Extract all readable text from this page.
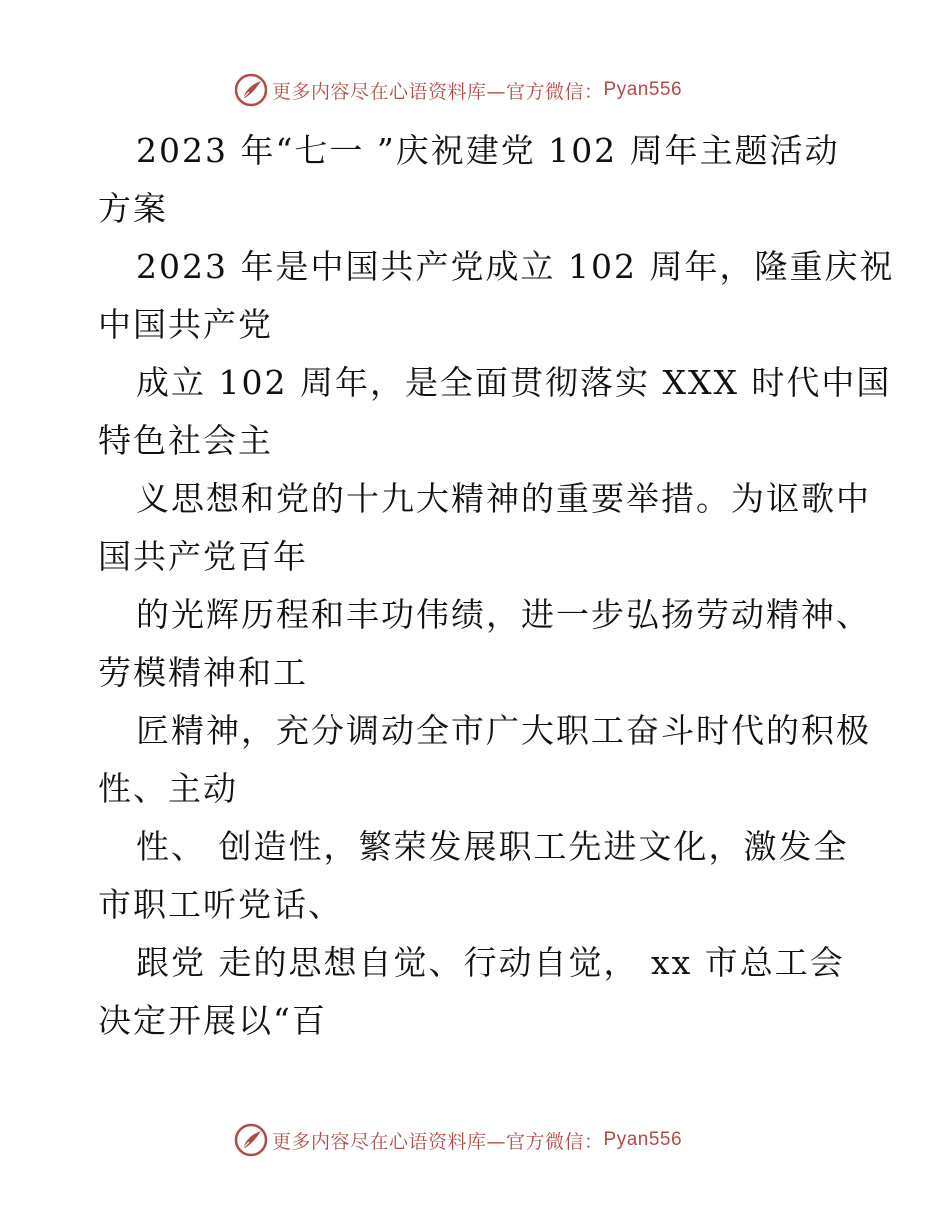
更多内容尽在心语资料库—官方微信： Pyan556
2023 年“七一 ”庆祝建党 102 周年主题活动
方案
2023 年是中国共产党成立 102 周年，隆重庆祝
中国共产党
成立 102 周年，是全面贯彻落实 XXX 时代中国
特色社会主
义思想和党的十九大精神的重要举措。为讴歌中
国共产党百年
的光辉历程和丰功伟绩，进一步弘扬劳动精神、
劳模精神和工
匠精神，充分调动全市广大职工奋斗时代的积极
性、主动
性、 创造性，繁荣发展职工先进文化，激发全
市职工听党话、
跟党 走的思想自觉、行动自觉， xx 市总工会
决定开展以“百
更多内容尽在心语资料库—官方微信： Pyan556
